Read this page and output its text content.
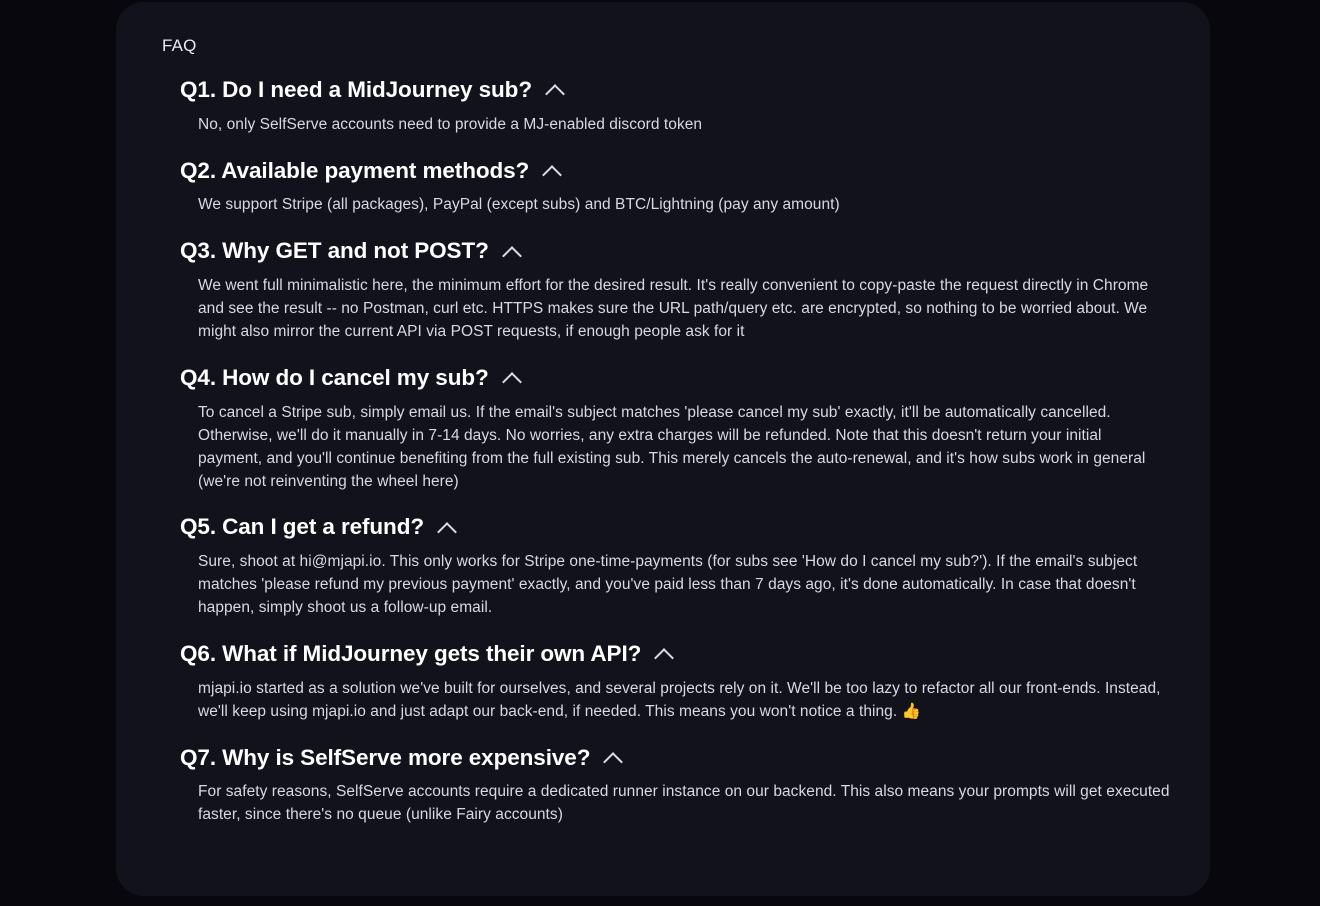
FAQ
Q1. Do I need a MidJourney sub?
No, only SelfServe accounts need to provide a MJ-enabled discord token
Q2. Available payment methods?
We support Stripe (all packages), PayPal (except subs) and BTC/Lightning (pay any amount)
Q3. Why GET and not POST?
We went full minimalistic here, the minimum effort for the desired result. It's really convenient to copy-paste the request directly in Chrome and see the result -- no Postman, curl etc. HTTPS makes sure the URL path/query etc. are encrypted, so nothing to be worried about. We might also mirror the current API via POST requests, if enough people ask for it
Q4. How do I cancel my sub?
To cancel a Stripe sub, simply email us. If the email's subject matches 'please cancel my sub' exactly, it'll be automatically cancelled. Otherwise, we'll do it manually in 7-14 days. No worries, any extra charges will be refunded. Note that this doesn't return your initial payment, and you'll continue benefiting from the full existing sub. This merely cancels the auto-renewal, and it's how subs work in general (we're not reinventing the wheel here)
Q5. Can I get a refund?
Sure, shoot at hi@mjapi.io. This only works for Stripe one-time-payments (for subs see 'How do I cancel my sub?'). If the email's subject matches 'please refund my previous payment' exactly, and you've paid less than 7 days ago, it's done automatically. In case that doesn't happen, simply shoot us a follow-up email.
Q6. What if MidJourney gets their own API?
mjapi.io started as a solution we've built for ourselves, and several projects rely on it. We'll be too lazy to refactor all our front-ends. Instead, we'll keep using mjapi.io and just adapt our back-end, if needed. This means you won't notice a thing. 👍
Q7. Why is SelfServe more expensive?
For safety reasons, SelfServe accounts require a dedicated runner instance on our backend. This also means your prompts will get executed faster, since there's no queue (unlike Fairy accounts)
